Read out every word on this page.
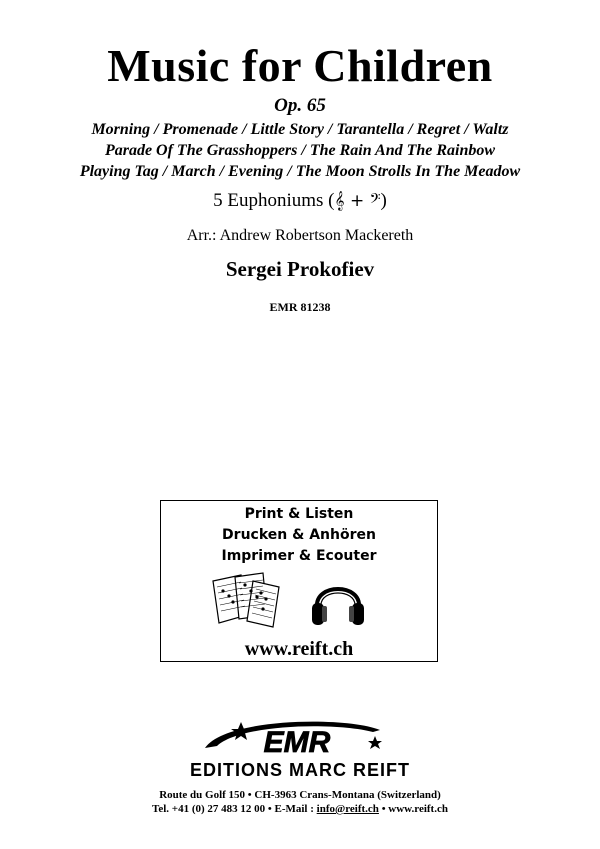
Music for Children
Op. 65
Morning / Promenade / Little Story / Tarantella / Regret / Waltz
Parade Of The Grasshoppers / The Rain And The Rainbow
Playing Tag / March / Evening / The Moon Strolls In The Meadow
5 Euphoniums (𝄞 + 𝄢)
Arr.: Andrew Robertson Mackereth
Sergei Prokofiev
EMR 81238
Print & Listen
Drucken & Anhören
Imprimer & Ecouter
www.reift.ch
EMR
EDITIONS MARC REIFT
Route du Golf 150 • CH-3963 Crans-Montana (Switzerland)
Tel. +41 (0) 27 483 12 00 • E-Mail : info@reift.ch • www.reift.ch
